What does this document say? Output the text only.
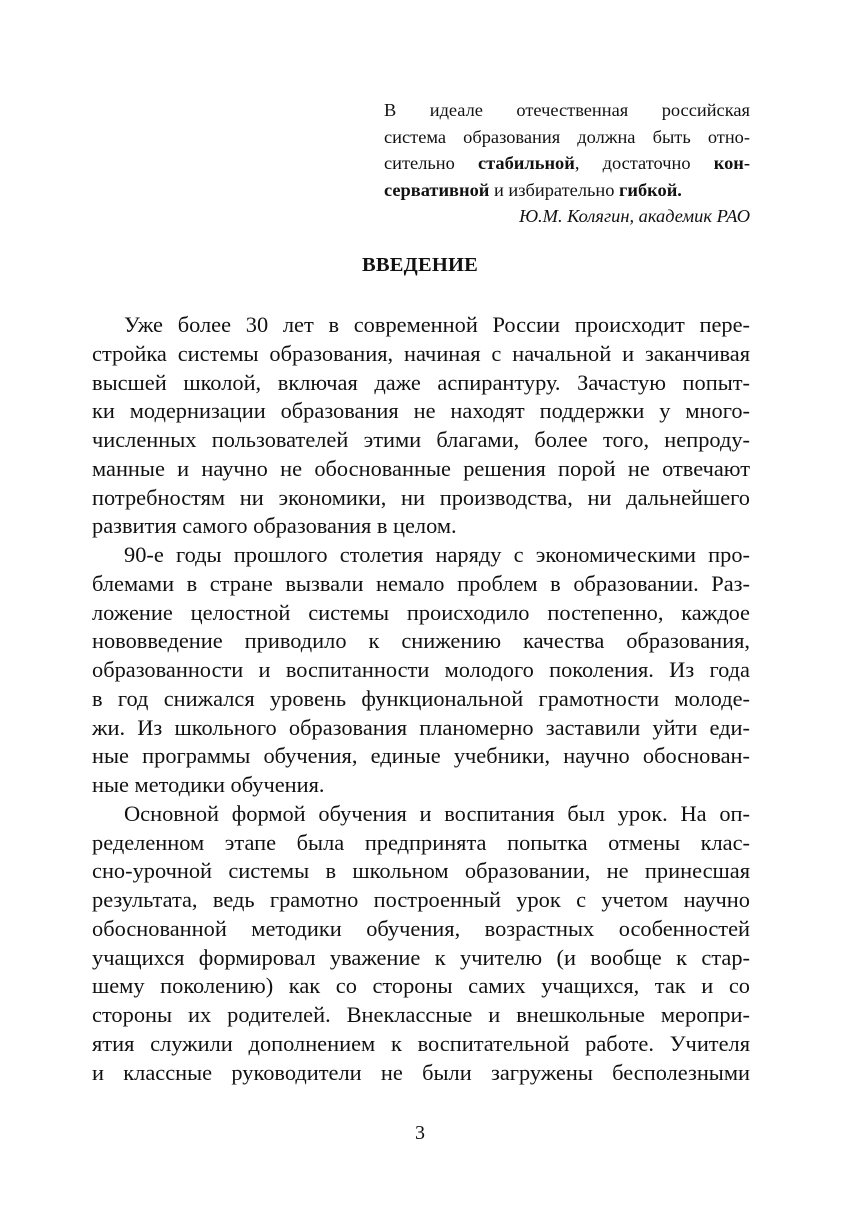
В идеале отечественная российская
система образования должна быть отно-
сительно стабильной, достаточно кон-
сервативной и избирательно гибкой.
Ю.М. Колягин, академик РАО
ВВЕДЕНИЕ
Уже более 30 лет в современной России происходит пере-
стройка системы образования, начиная с начальной и заканчивая
высшей школой, включая даже аспирантуру. Зачастую попыт-
ки модернизации образования не находят поддержки у много-
численных пользователей этими благами, более того, непроду-
манные и научно не обоснованные решения порой не отвечают
потребностям ни экономики, ни производства, ни дальнейшего
развития самого образования в целом.
90-е годы прошлого столетия наряду с экономическими про-
блемами в стране вызвали немало проблем в образовании. Раз-
ложение целостной системы происходило постепенно, каждое
нововведение приводило к снижению качества образования,
образованности и воспитанности молодого поколения. Из года
в год снижался уровень функциональной грамотности молоде-
жи. Из школьного образования планомерно заставили уйти еди-
ные программы обучения, единые учебники, научно обоснован-
ные методики обучения.
Основной формой обучения и воспитания был урок. На оп-
ределенном этапе была предпринята попытка отмены клас-
сно-урочной системы в школьном образовании, не принесшая
результата, ведь грамотно построенный урок с учетом научно
обоснованной методики обучения, возрастных особенностей
учащихся формировал уважение к учителю (и вообще к стар-
шему поколению) как со стороны самих учащихся, так и со
стороны их родителей. Внеклассные и внешкольные меропри-
ятия служили дополнением к воспитательной работе. Учителя
и классные руководители не были загружены бесполезными
3
